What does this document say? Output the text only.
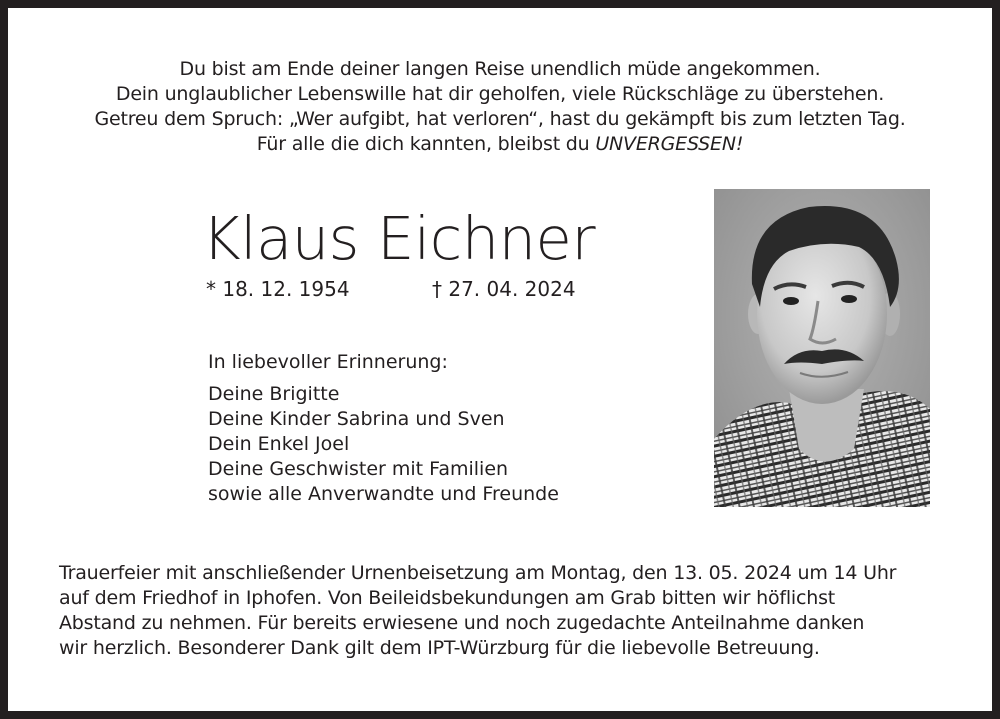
Du bist am Ende deiner langen Reise unendlich müde angekommen.
Dein unglaublicher Lebenswille hat dir geholfen, viele Rückschläge zu überstehen.
Getreu dem Spruch: „Wer aufgibt, hat verloren“, hast du gekämpft bis zum letzten Tag.
Für alle die dich kannten, bleibst du UNVERGESSEN!
Klaus Eichner
* 18. 12. 1954	† 27. 04. 2024
In liebevoller Erinnerung:
Deine Brigitte
Deine Kinder Sabrina und Sven
Dein Enkel Joel
Deine Geschwister mit Familien
sowie alle Anverwandte und Freunde
Trauerfeier mit anschließender Urnenbeisetzung am Montag, den 13. 05. 2024 um 14 Uhr
auf dem Friedhof in Iphofen. Von Beileidsbekundungen am Grab bitten wir höflichst
Abstand zu nehmen. Für bereits erwiesene und noch zugedachte Anteilnahme danken
wir herzlich. Besonderer Dank gilt dem IPT-Würzburg für die liebevolle Betreuung.
